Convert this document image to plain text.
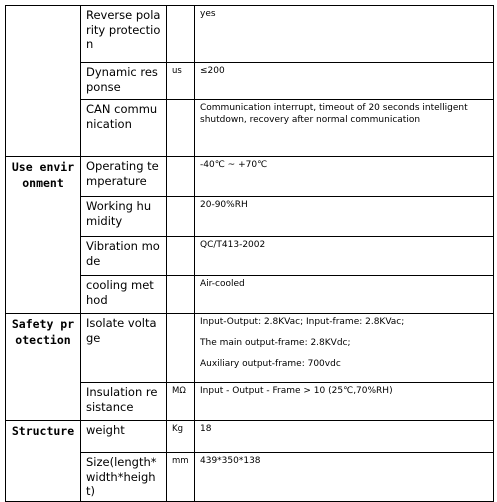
	Reverse polarity protection		yes
	Dynamic response	us	≤200
	CAN communication		Communication interrupt, timeout of 20 seconds intelligent shutdown, recovery after normal communication
Use environment	Operating temperature		-40℃ ~ +70℃
	Working humidity		20-90%RH
	Vibration mode		QC/T413-2002
	cooling method		Air-cooled
Safety protection	Isolate voltage		Input-Output: 2.8KVac; Input-frame: 2.8KVac;
The main output-frame: 2.8KVdc;
Auxiliary output-frame: 700vdc

	Insulation resistance	MΩ	Input - Output - Frame > 10 (25℃,70%RH)
Structure	weight	Kg	18
	Size(length* width*height)	mm	439*350*138
